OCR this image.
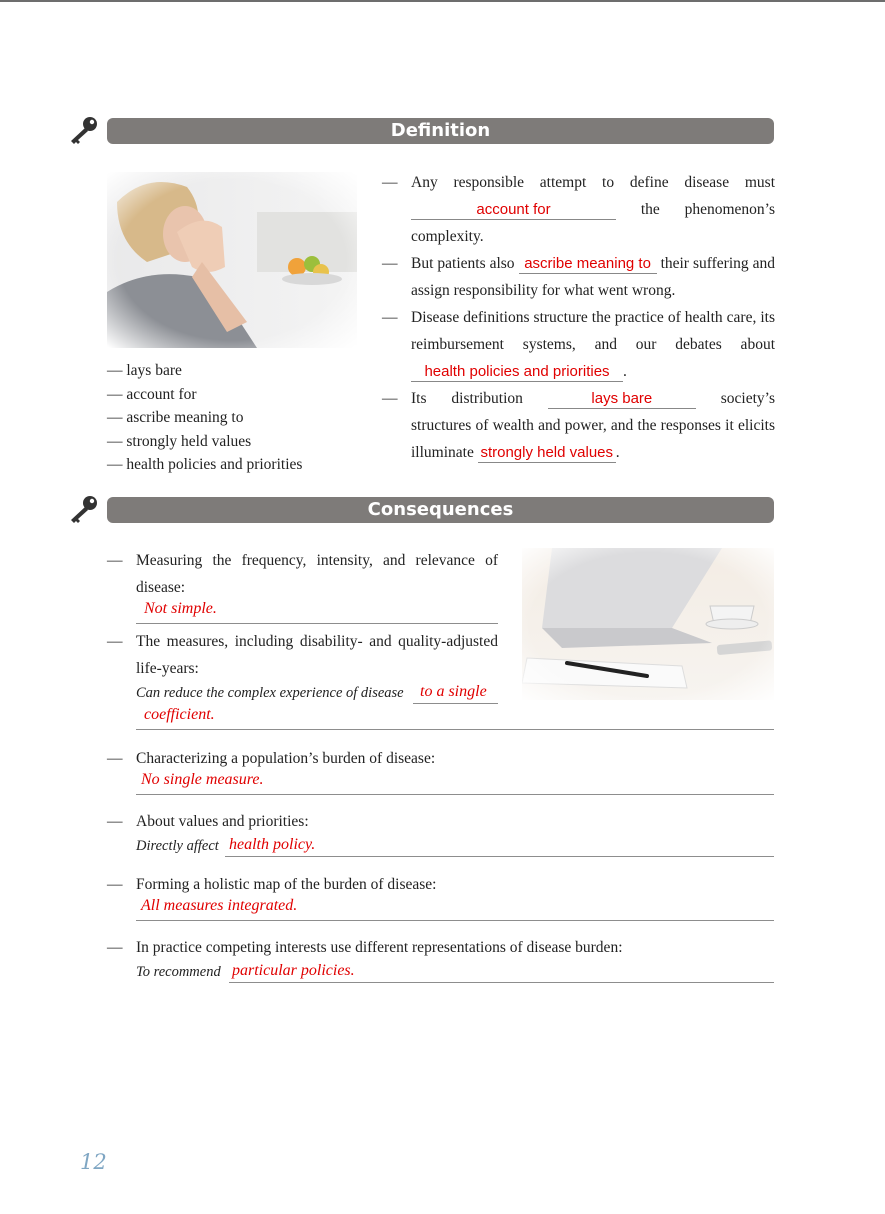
Definition
— lays bare
— account for
— ascribe meaning to
— strongly held values
— health policies and priorities
— Any responsible attempt to define disease must account for	the phenomenon’s complexity.
— But patients also ascribe meaning to their suffering and assign responsibility for what went wrong.
— Disease definitions structure the practice of health care, its reimbursement systems, and our debates about health policies and priorities .
— Its distribution	lays bare	society’s structures of wealth and power, and the responses it elicits illuminate strongly held values .
Consequences
— Measuring the frequency, intensity, and relevance of disease:
Not simple.
— The measures, including disability- and quality-adjusted life-years:
Can reduce the complex experience of disease	to a single
coefficient.
— Characterizing a population’s burden of disease:
No single measure.
— About values and priorities:
Directly affect health policy.
— Forming a holistic map of the burden of disease:
All measures integrated.
— In practice competing interests use different representations of disease burden:
To recommend particular policies.
12
